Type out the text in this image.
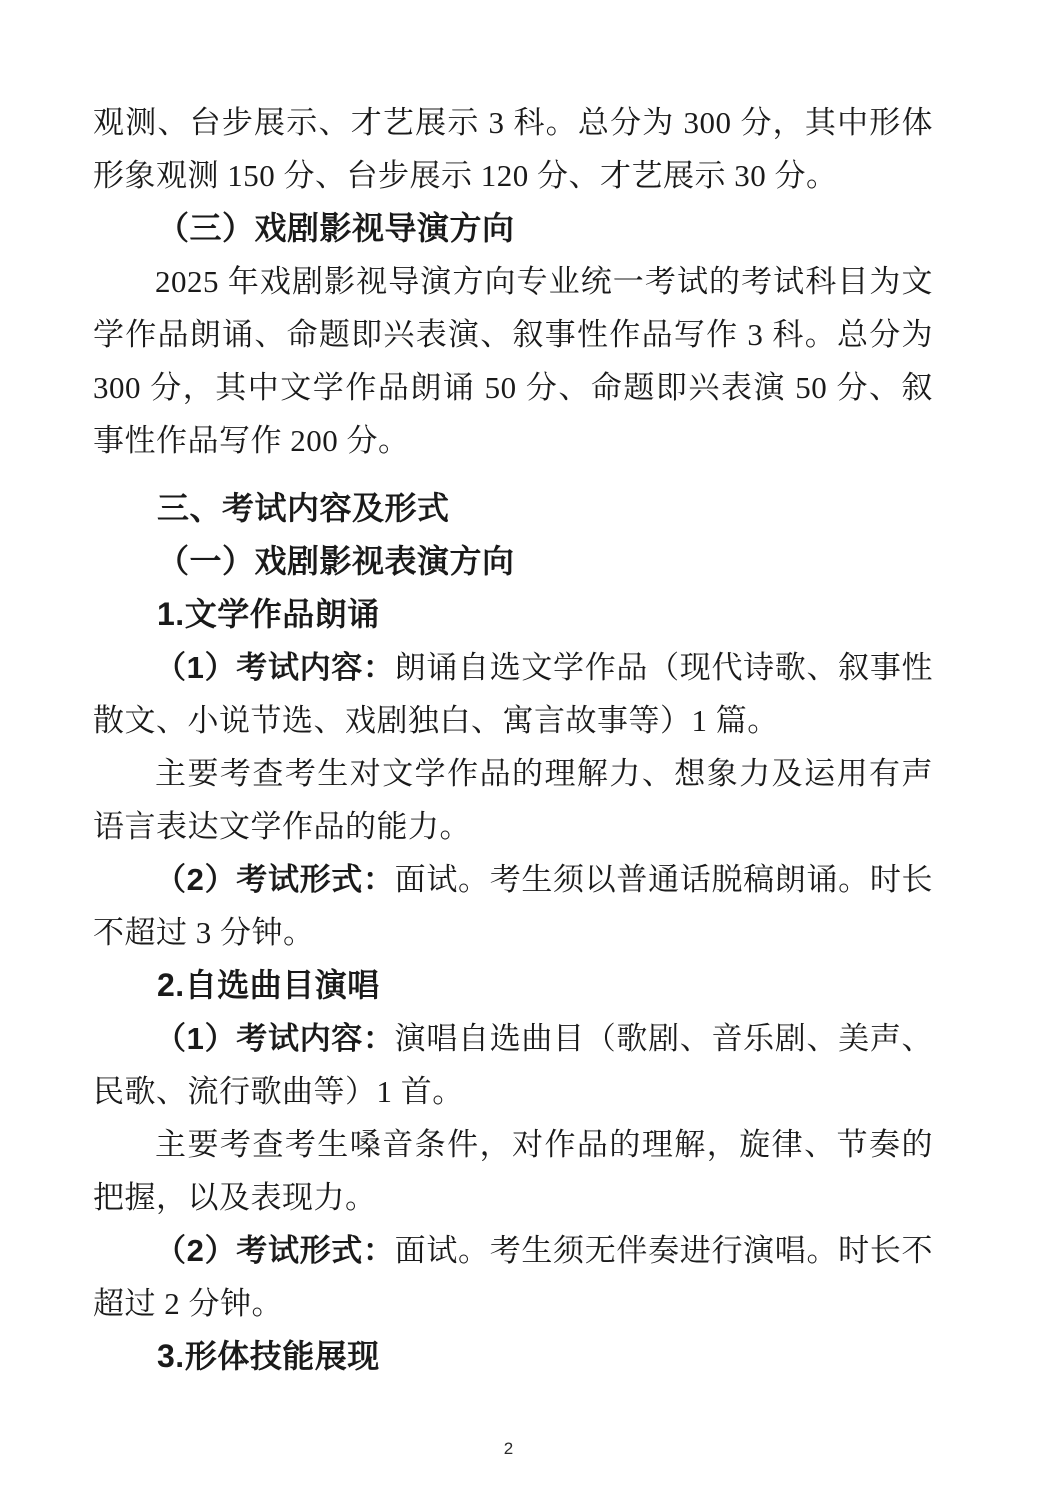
观测、台步展示、才艺展示 3 科。总分为 300 分，其中形体形象观测 150 分、台步展示 120 分、才艺展示 30 分。

（三）戏剧影视导演方向

2025 年戏剧影视导演方向专业统一考试的考试科目为文学作品朗诵、命题即兴表演、叙事性作品写作 3 科。总分为 300 分，其中文学作品朗诵 50 分、命题即兴表演 50 分、叙事性作品写作 200 分。

三、考试内容及形式

（一）戏剧影视表演方向

1.文学作品朗诵

（1）考试内容：朗诵自选文学作品（现代诗歌、叙事性散文、小说节选、戏剧独白、寓言故事等）1 篇。

主要考查考生对文学作品的理解力、想象力及运用有声语言表达文学作品的能力。

（2）考试形式：面试。考生须以普通话脱稿朗诵。时长不超过 3 分钟。

2.自选曲目演唱

（1）考试内容：演唱自选曲目（歌剧、音乐剧、美声、民歌、流行歌曲等）1 首。

主要考查考生嗓音条件，对作品的理解，旋律、节奏的把握，以及表现力。

（2）考试形式：面试。考生须无伴奏进行演唱。时长不超过 2 分钟。

3.形体技能展现

2
